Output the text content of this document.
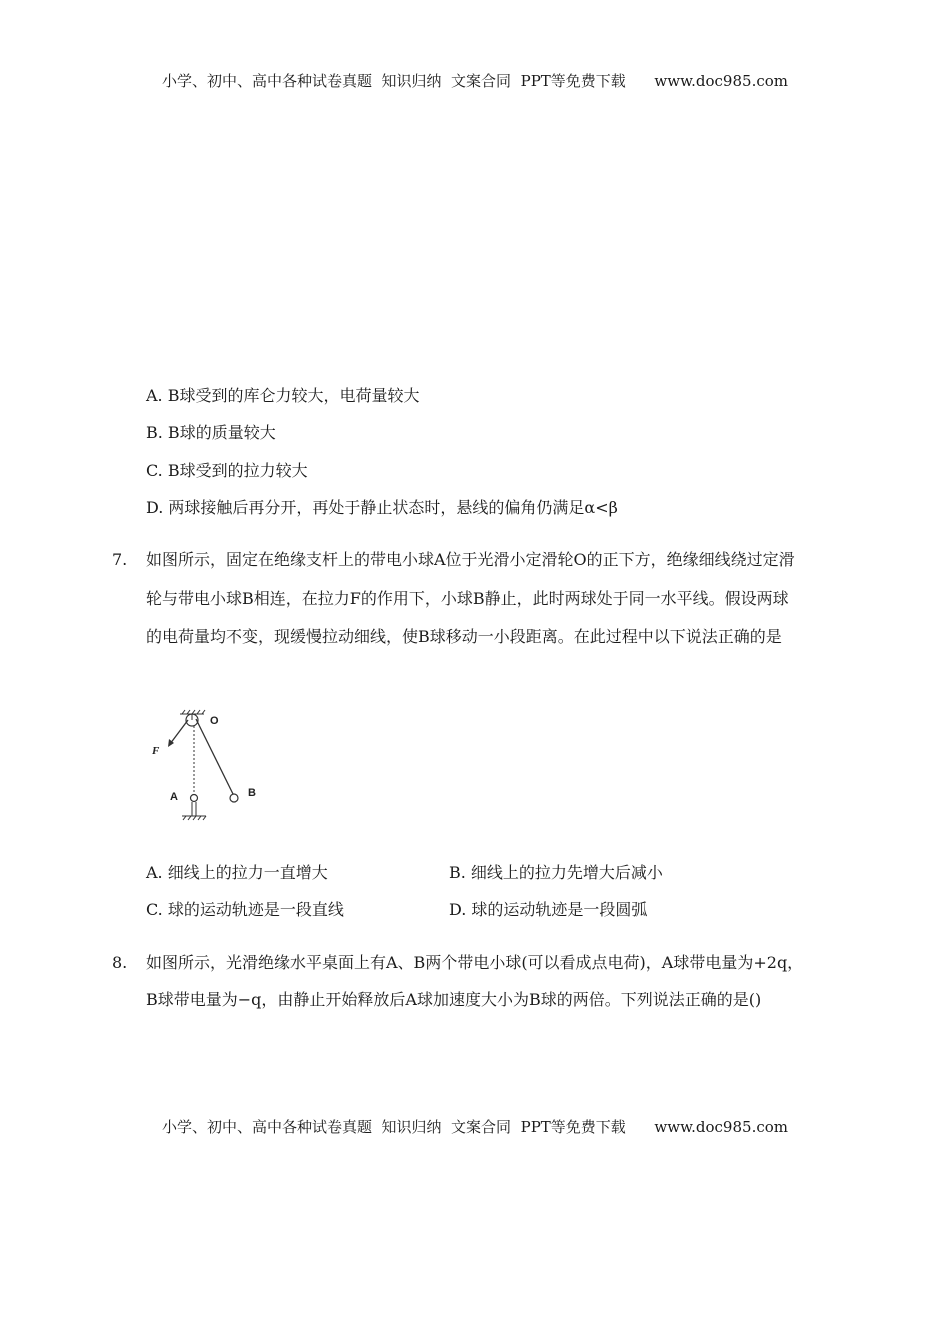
小学、初中、高中各种试卷真题  知识归纳  文案合同  PPT等免费下载      www.doc985.com
A. B球受到的库仑力较大，电荷量较大
B. B球的质量较大
C. B球受到的拉力较大
D. 两球接触后再分开，再处于静止状态时，悬线的偏角仍满足α<β
7. 如图所示，固定在绝缘支杆上的带电小球A位于光滑小定滑轮O的正下方，绝缘细线绕过定滑
轮与带电小球B相连，在拉力F的作用下，小球B静止，此时两球处于同一水平线。假设两球
的电荷量均不变，现缓慢拉动细线，使B球移动一小段距离。在此过程中以下说法正确的是
O
F
A	B
A. 细线上的拉力一直增大	B. 细线上的拉力先增大后减小
C. 球的运动轨迹是一段直线	D. 球的运动轨迹是一段圆弧
8. 如图所示，光滑绝缘水平桌面上有A、B两个带电小球(可以看成点电荷)，A球带电量为+2q，
B球带电量为−q，由静止开始释放后A球加速度大小为B球的两倍。下列说法正确的是()
小学、初中、高中各种试卷真题  知识归纳  文案合同  PPT等免费下载      www.doc985.com
